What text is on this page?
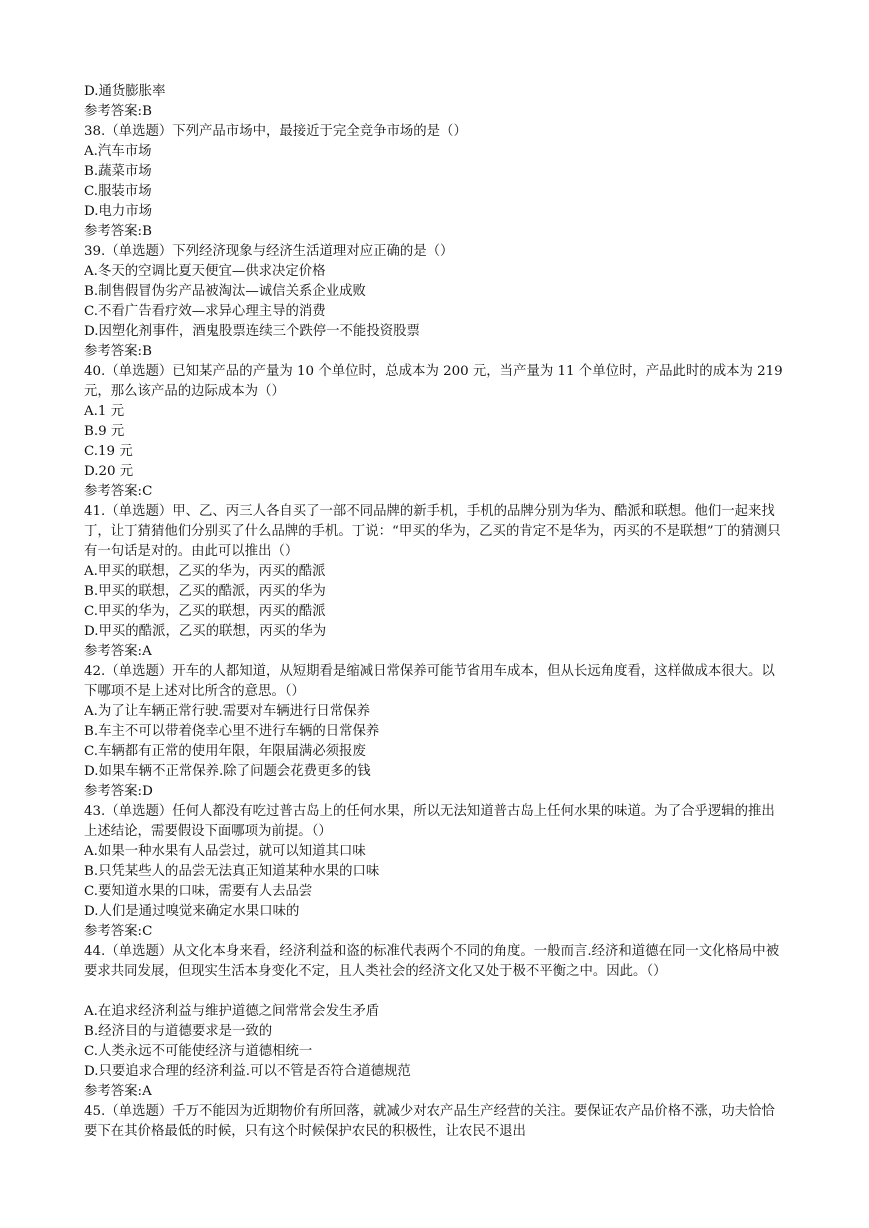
D.通货膨胀率
参考答案:B
38.（单选题）下列产品市场中，最接近于完全竞争市场的是（）
A.汽车市场
B.蔬菜市场
C.服装市场
D.电力市场
参考答案:B
39.（单选题）下列经济现象与经济生活道理对应正确的是（）
A.冬天的空调比夏天便宜—供求决定价格
B.制售假冒伪劣产品被淘汰—诚信关系企业成败
C.不看广告看疗效—求异心理主导的消费
D.因塑化剂事件，酒鬼股票连续三个跌停一不能投资股票
参考答案:B
40.（单选题）已知某产品的产量为 10 个单位时，总成本为 200 元，当产量为 11 个单位时，产品此时的成本为 219 元，那么该产品的边际成本为（）
A.1 元
B.9 元
C.19 元
D.20 元
参考答案:C
41.（单选题）甲、乙、丙三人各自买了一部不同品牌的新手机，手机的品牌分别为华为、酷派和联想。他们一起来找丁，让丁猜猜他们分别买了什么品牌的手机。丁说：“甲买的华为，乙买的肯定不是华为，丙买的不是联想”丁的猜测只有一句话是对的。由此可以推出（）
A.甲买的联想，乙买的华为，丙买的酷派
B.甲买的联想，乙买的酷派，丙买的华为
C.甲买的华为，乙买的联想，丙买的酷派
D.甲买的酷派，乙买的联想，丙买的华为
参考答案:A
42.（单选题）开车的人都知道，从短期看是缩减日常保养可能节省用车成本，但从长远角度看，这样做成本很大。以下哪项不是上述对比所含的意思。（）
A.为了让车辆正常行驶.需要对车辆进行日常保养
B.车主不可以带着侥幸心里不进行车辆的日常保养
C.车辆都有正常的使用年限，年限届满必须报废
D.如果车辆不正常保养.除了问题会花费更多的钱
参考答案:D
43.（单选题）任何人都没有吃过普古岛上的任何水果，所以无法知道普古岛上任何水果的味道。为了合乎逻辑的推出上述结论，需要假设下面哪项为前提。（）
A.如果一种水果有人品尝过，就可以知道其口味
B.只凭某些人的品尝无法真正知道某种水果的口味
C.要知道水果的口味，需要有人去品尝
D.人们是通过嗅觉来确定水果口味的
参考答案:C
44.（单选题）从文化本身来看，经济利益和盗的标准代表两个不同的角度。一般而言.经济和道德在同一文化格局中被要求共同发展，但现实生活本身变化不定，且人类社会的经济文化又处于极不平衡之中。因此。（）
A.在追求经济利益与维护道德之间常常会发生矛盾
B.经济目的与道德要求是一致的
C.人类永远不可能使经济与道德相统一
D.只要追求合理的经济利益.可以不管是否符合道德规范
参考答案:A
45.（单选题）千万不能因为近期物价有所回落，就减少对农产品生产经营的关注。要保证农产品价格不涨，功夫恰恰要下在其价格最低的时候，只有这个时候保护农民的积极性，让农民不退出
